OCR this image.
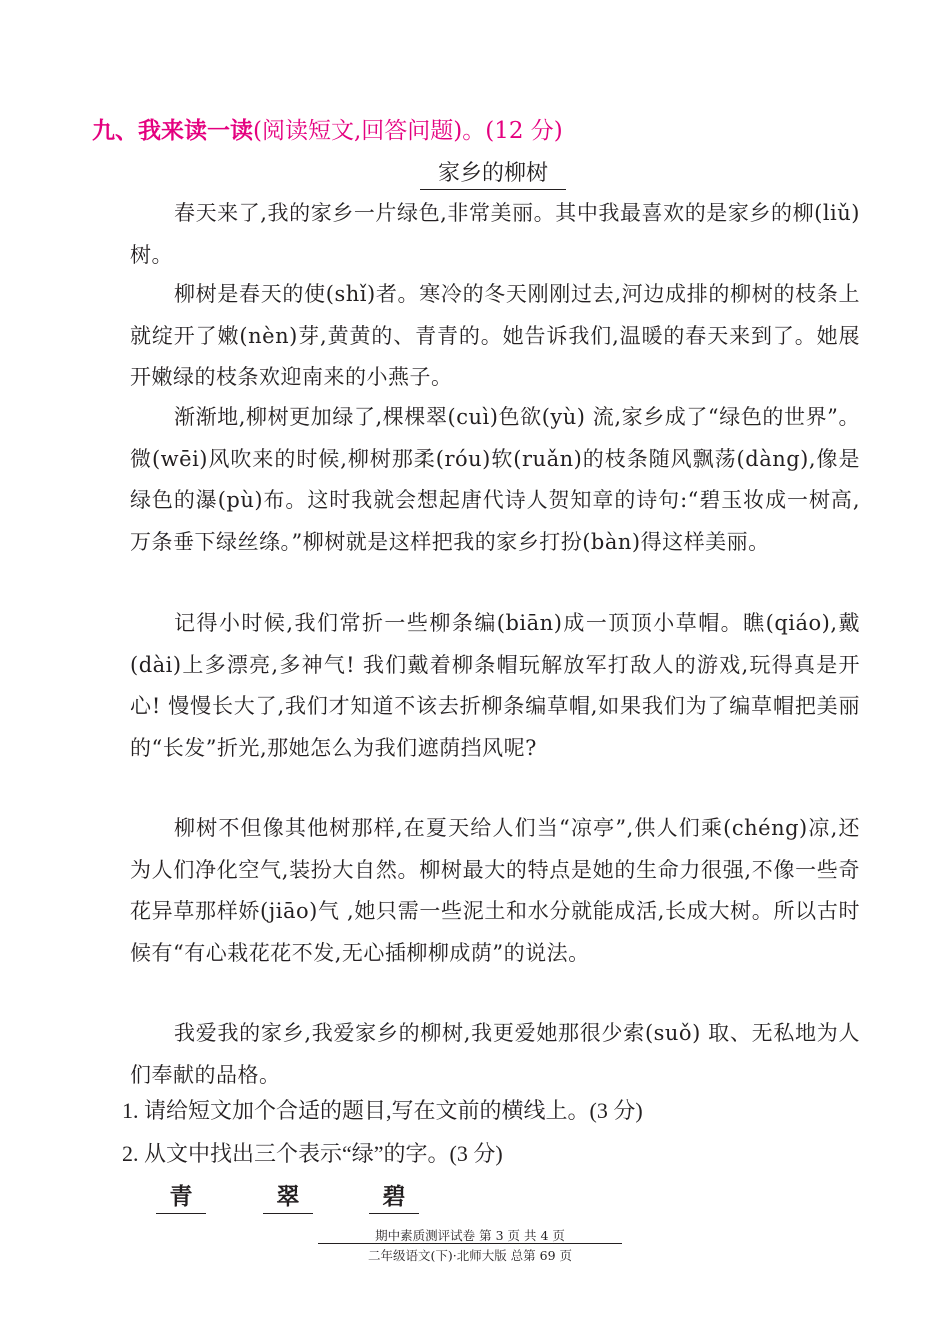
九、我来读一读(阅读短文,回答问题)。(12 分)
家乡的柳树
春天来了,我的家乡一片绿色,非常美丽。其中我最喜欢的是家乡的柳(liǔ) 树。
柳树是春天的使(shǐ)者。寒冷的冬天刚刚过去,河边成排的柳树的枝条上就绽开了嫩(nèn)芽,黄黄的、青青的。她告诉我们,温暖的春天来到了。她展开嫩绿的枝条欢迎南来的小燕子。
渐渐地,柳树更加绿了,棵棵翠(cuì)色欲(yù) 流,家乡成了“绿色的世界”。微(wēi)风吹来的时候,柳树那柔(róu)软(ruǎn)的枝条随风飘荡(dàng),像是绿色的瀑(pù)布。这时我就会想起唐代诗人贺知章的诗句:“碧玉妆成一树高,万条垂下绿丝绦。”柳树就是这样把我的家乡打扮(bàn)得这样美丽。
记得小时候,我们常折一些柳条编(biān)成一顶顶小草帽。瞧(qiáo),戴(dài)上多漂亮,多神气! 我们戴着柳条帽玩解放军打敌人的游戏,玩得真是开心! 慢慢长大了,我们才知道不该去折柳条编草帽,如果我们为了编草帽把美丽的“长发”折光,那她怎么为我们遮荫挡风呢?
柳树不但像其他树那样,在夏天给人们当“凉亭”,供人们乘(chéng)凉,还为人们净化空气,装扮大自然。柳树最大的特点是她的生命力很强,不像一些奇花异草那样娇(jiāo)气 ,她只需一些泥土和水分就能成活,长成大树。所以古时候有“有心栽花花不发,无心插柳柳成荫”的说法。
我爱我的家乡,我爱家乡的柳树,我更爱她那很少索(suǒ) 取、无私地为人们奉献的品格。
1. 请给短文加个合适的题目,写在文前的横线上。(3 分)
2. 从文中找出三个表示“绿”的字。(3 分)
青	翠	碧
期中素质测评试卷 第 3 页 共 4 页
二年级语文(下)·北师大版 总第 69 页
